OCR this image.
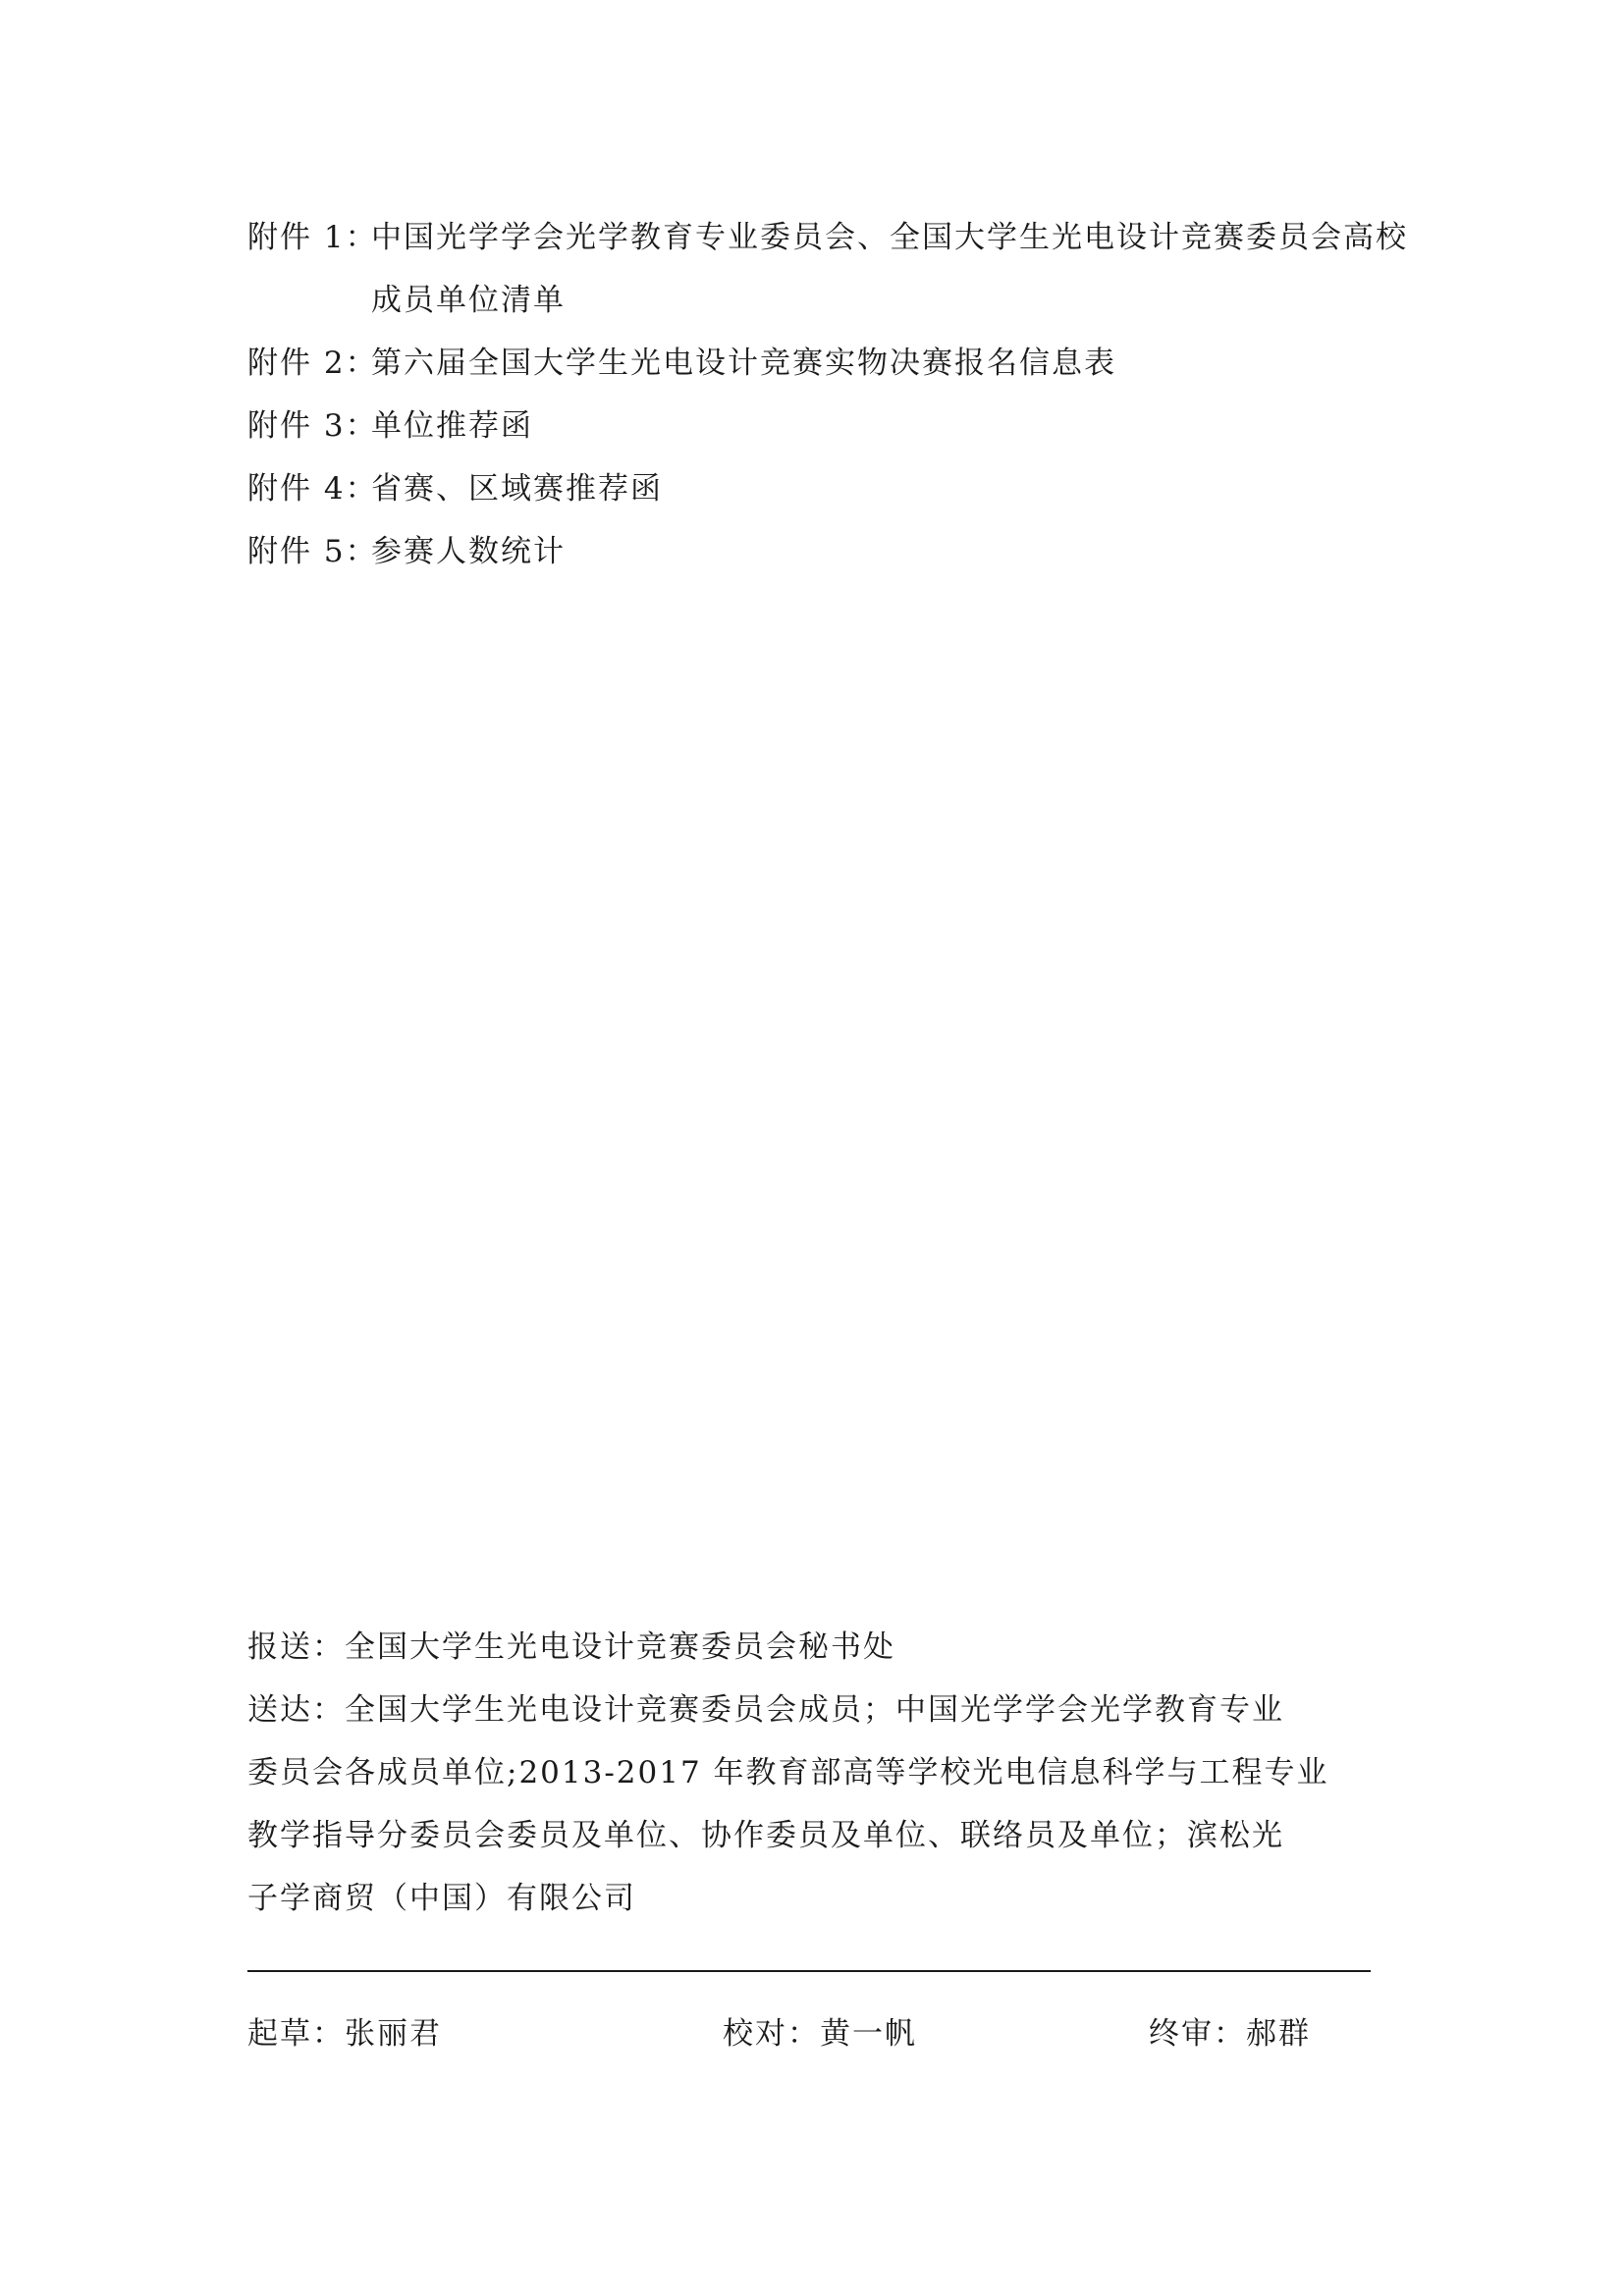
附件 1：
中国光学学会光学教育专业委员会、全国大学生光电设计竞赛委员会高校
成员单位清单
附件 2：
第六届全国大学生光电设计竞赛实物决赛报名信息表
附件 3：
单位推荐函
附件 4：
省赛、区域赛推荐函
附件 5：
参赛人数统计
报送：全国大学生光电设计竞赛委员会秘书处
送达：全国大学生光电设计竞赛委员会成员；中国光学学会光学教育专业
委员会各成员单位;2013-2017 年教育部高等学校光电信息科学与工程专业
教学指导分委员会委员及单位、协作委员及单位、联络员及单位；滨松光
子学商贸（中国）有限公司
起草：张丽君	校对：黄一帆	终审：郝群
